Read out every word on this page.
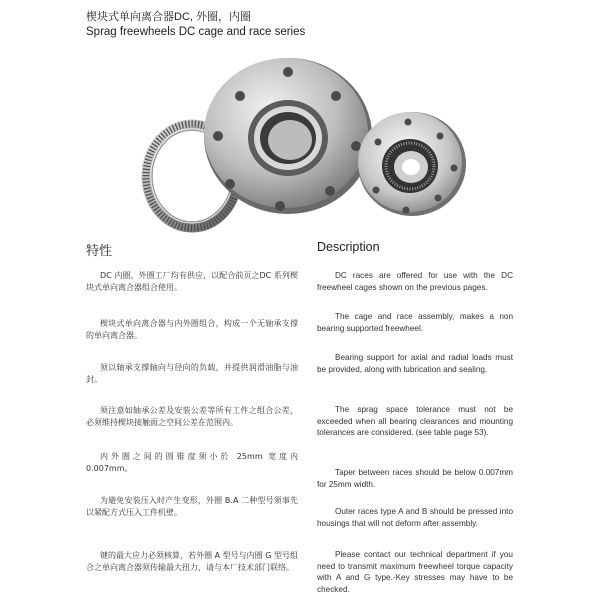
楔块式单向离合器DC, 外圈，内圈
Sprag freewheels DC cage and race series
特性	Description

DC 内圈、外圈工厂均有供应，以配合前页之DC 系列楔块式单向离合器组合使用。

楔块式单向离合器与内外圈组合，构成一个无轴承支撑的单向离合器。

须以轴承支撑轴向与径向的负载，并提供润滑油脂与油封。

须注意如轴承公差及安装公差等所有工件之组合公差，必须维持楔块接触面之空间公差在范围内。

内外圈之间的圆锥度须小於 25mm 宽度内 0.007mm。

为避免安装压入时产生变形，外圈 B.A 二种型号须事先以紧配方式压入工件机壁。

键的最大应力必须核算，若外圈 A 型号与内圈 G 型号组合之单向离合器须传输最大扭力，请与本厂技术部门联络。

DC races are offered for use with the DC freewheel cages shown on the previous pages.

The cage and race assembly, makes a non bearing supported freewheel.

Bearing support for axial and radial loads must be provided, along with lubrication and sealing.

The sprag space tolerance must not be exceeded when all bearing clearances and mounting tolerances are considered. (see table page 53).

Taper between races should be below 0.007mm for 25mm width.

Outer races type A and B should be pressed into housings that will not deform after assembly.

Please contact our technical department if you need to transmit maximum freewheel torque capacity with A and G type.-Key stresses may have to be checked.
